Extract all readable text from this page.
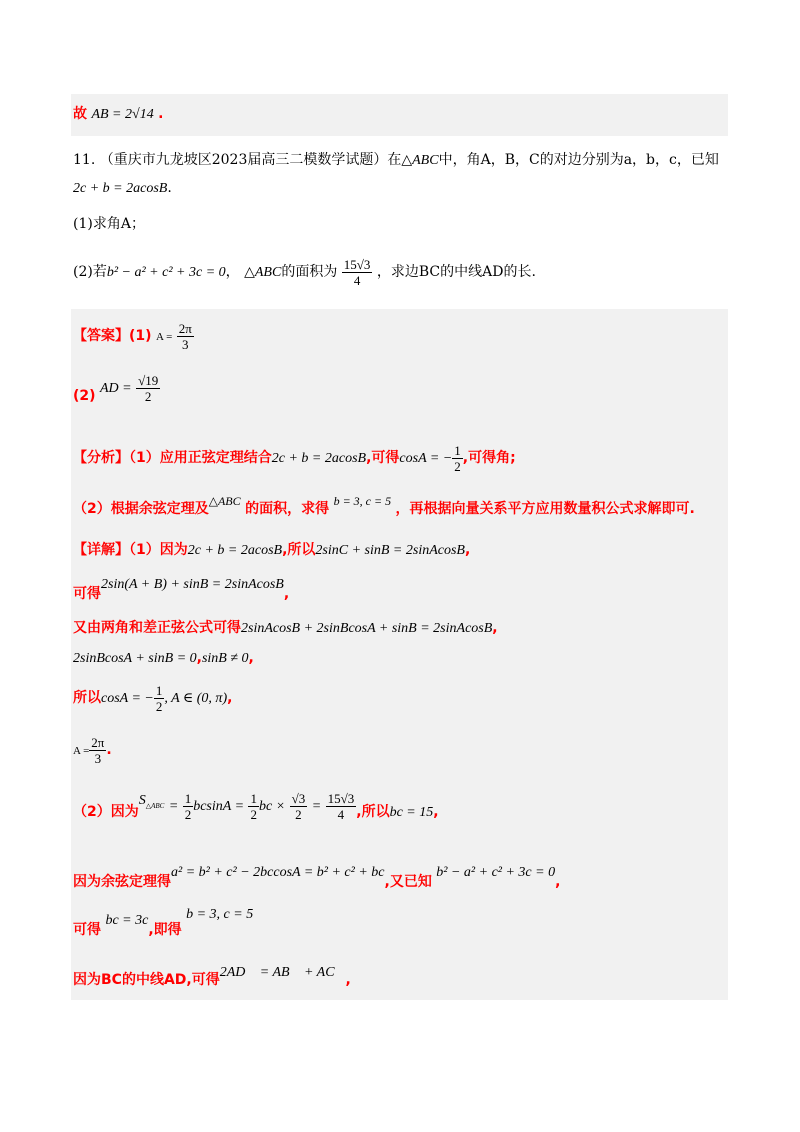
故 AB = 2√14 .
11. （重庆市九龙坡区2023届高三二模数学试题）在△ABC中，角A，B，C的对边分别为a，b，c，已知
2c + b = 2acosB.
(1)求角A；
(2)若b² − a² + c² + 3c = 0， △ABC的面积为 $\frac{15√3}{4}$ ，求边BC的中线AD的长.
【答案】(1) $A = \frac{2\pi}{3}$
(2) AD = $\frac{√19}{2}$
【分析】（1）应用正弦定理结合2c + b = 2acosB,可得cosA = − $\frac{1}{2}$ ,可得角;
（2）根据余弦定理及△ABC 的面积，求得 b = 3, c = 5 ，再根据向量关系平方应用数量积公式求解即可.
【详解】（1）因为2c + b = 2acosB,所以2sinC + sinB = 2sinAcosB,
可得2sin(A + B) + sinB = 2sinAcosB,
又由两角和差正弦公式可得2sinAcosB + 2sinBcosA + sinB = 2sinAcosB,
2sinBcosA + sinB = 0,sinB ≠ 0,
所以cosA = − $\frac{1}{2}$ , A ∈ (0, π),
$A = \frac{2\pi}{3}$ .
（2）因为$S_{\triangle ABC} = \frac{1}{2}$ $bcsinA = \frac{1}{2}$ bc × $\frac{√3}{2} = \frac{15√3}{4}$ ,所以bc = 15,
因为余弦定理得a² = b² + c² − 2bccosA = b² + c² + bc,又已知 b² − a² + c² + 3c = 0,
可得 bc = 3c,即得 b = 3, c = 5
因为BC的中线AD,可得2AD⃗ = AB⃗ + AC⃗,
